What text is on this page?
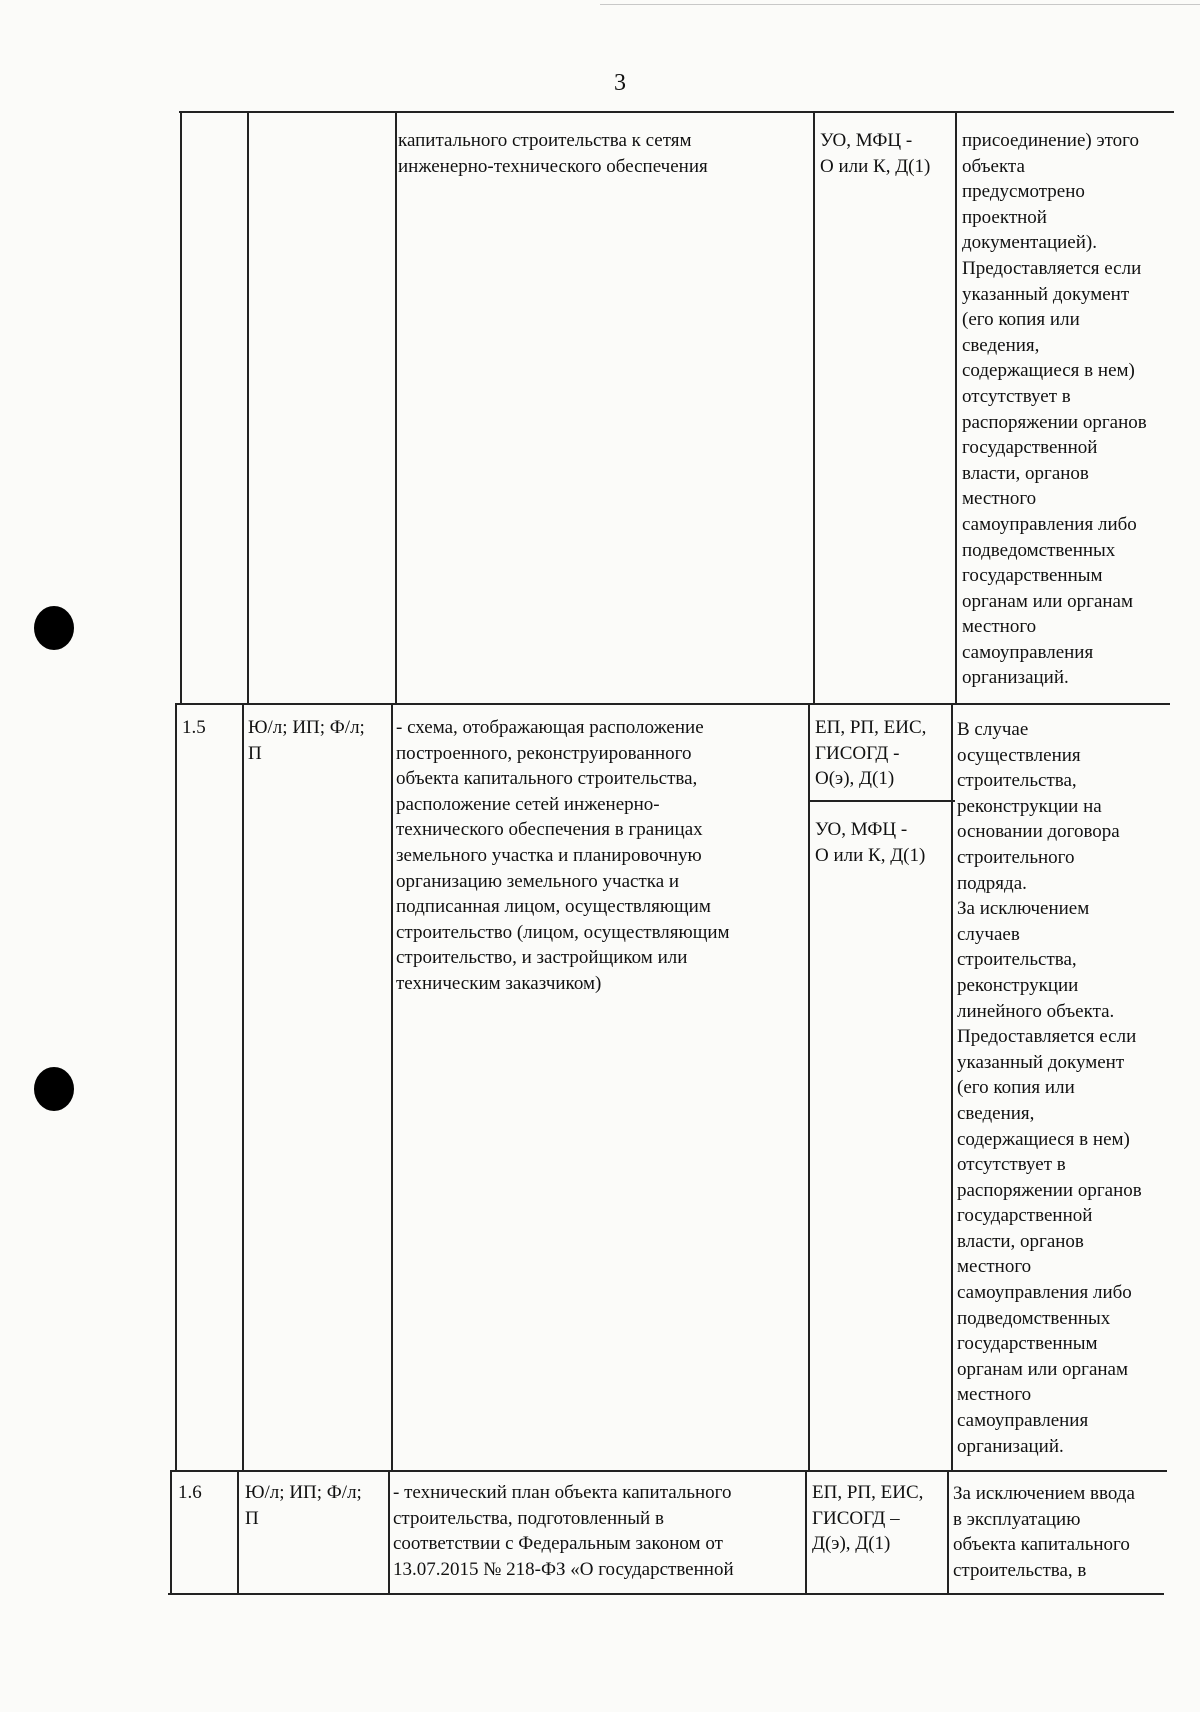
3
капитального строительства к сетям
инженерно-технического обеспечения
УО, МФЦ -
О или К, Д(1)
присоединение) этого
объекта
предусмотрено
проектной
документацией).
Предоставляется если
указанный документ
(его копия или
сведения,
содержащиеся в нем)
отсутствует в
распоряжении органов
государственной
власти, органов
местного
самоуправления либо
подведомственных
государственным
органам или органам
местного
самоуправления
организаций.
1.5	Ю/л; ИП; Ф/л;
П
- схема, отображающая расположение
построенного, реконструированного
объекта капитального строительства,
расположение сетей инженерно-
технического обеспечения в границах
земельного участка и планировочную
организацию земельного участка и
подписанная лицом, осуществляющим
строительство (лицом, осуществляющим
строительство, и застройщиком или
техническим заказчиком)
ЕП, РП, ЕИС,
ГИСОГД -
О(э), Д(1)
УО, МФЦ -
О или К, Д(1)
В случае
осуществления
строительства,
реконструкции на
основании договора
строительного
подряда.
За исключением
случаев
строительства,
реконструкции
линейного объекта.
Предоставляется если
указанный документ
(его копия или
сведения,
содержащиеся в нем)
отсутствует в
распоряжении органов
государственной
власти, органов
местного
самоуправления либо
подведомственных
государственным
органам или органам
местного
самоуправления
организаций.
1.6	Ю/л; ИП; Ф/л;
П
- технический план объекта капитального
строительства, подготовленный в
соответствии с Федеральным законом от
13.07.2015 № 218-ФЗ «О государственной
ЕП, РП, ЕИС,
ГИСОГД –
Д(э), Д(1)
За исключением ввода
в эксплуатацию
объекта капитального
строительства, в
